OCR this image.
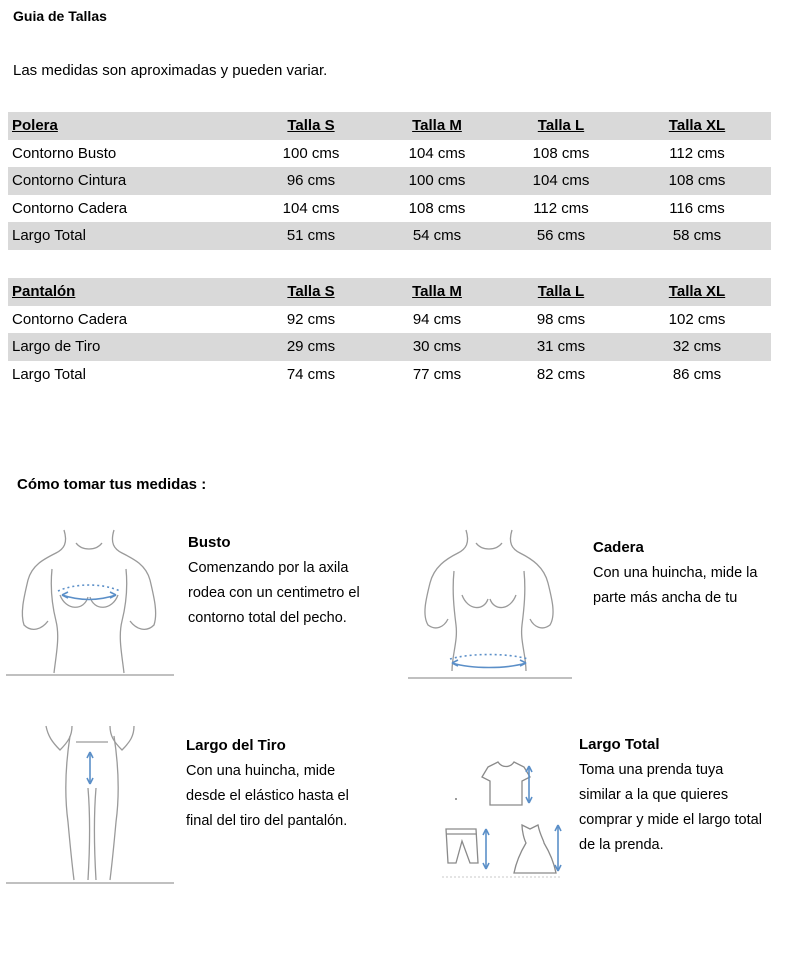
Guia de Tallas
Las medidas son aproximadas y pueden variar.
Polera	Talla S	Talla M	Talla L	Talla XL
Contorno Busto	100 cms	104 cms	108 cms	112 cms
Contorno Cintura	96 cms	100 cms	104 cms	108 cms
Contorno Cadera	104 cms	108 cms	112 cms	116 cms
Largo Total	51 cms	54 cms	56 cms	58 cms
Pantalón	Talla S	Talla M	Talla L	Talla XL
Contorno Cadera	92 cms	94 cms	98 cms	102 cms
Largo de Tiro	29 cms	30 cms	31 cms	32 cms
Largo Total	74 cms	77 cms	82 cms	86 cms
Cómo tomar tus medidas :
Busto
Comenzando por la axila
rodea con un centimetro el
contorno total del pecho.
Cadera
Con una huincha, mide la
parte más ancha de tu
Largo del Tiro
Con una huincha, mide
desde el elástico hasta el
final del tiro del pantalón.
Largo Total
Toma una prenda tuya
similar a la que quieres
comprar y mide el largo total
de la prenda.
